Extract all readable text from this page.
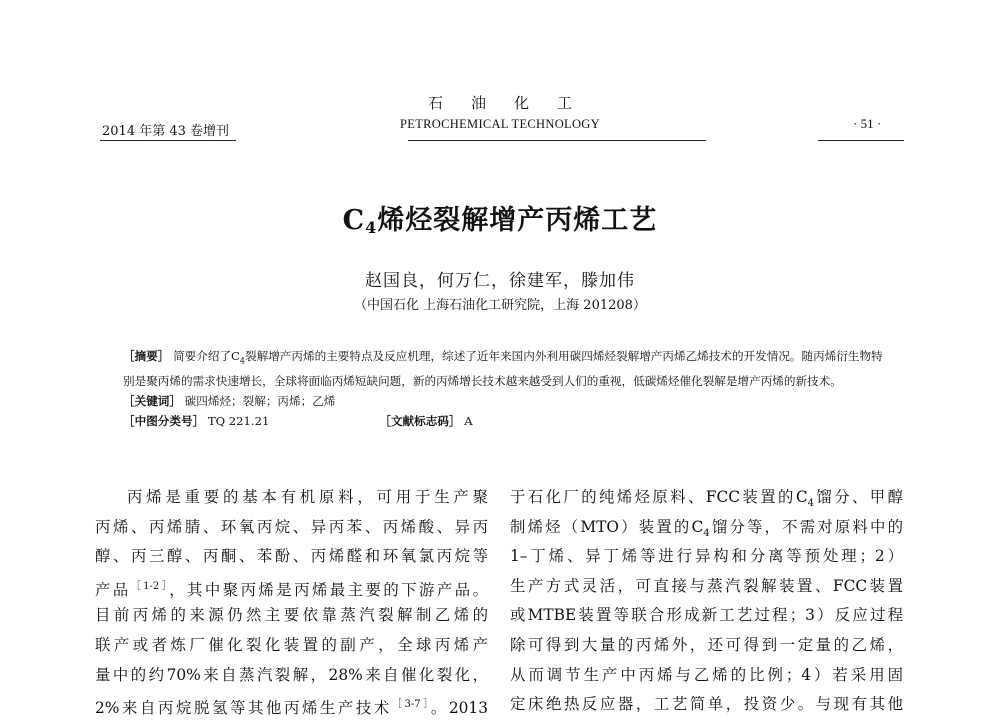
石油化工
PETROCHEMICAL TECHNOLOGY
2014 年第 43 卷增刊
· 51 ·
$C_4$烯烃裂解增产丙烯工艺
赵国良，何万仁，徐建军，滕加伟
（中国石化 上海石油化工研究院，上海 201208）

［摘要］ 简要介绍了$C_4$裂解增产丙烯的主要特点及反应机理，综述了近年来国内外利用碳四烯烃裂解增产丙烯乙烯技术的开发情况。随丙烯衍生物特别是聚丙烯的需求快速增长，全球将面临丙烯短缺问题，新的丙烯增长技术越来越受到人们的重视，低碳烯烃催化裂解是增产丙烯的新技术。

［关键词］ 碳四烯烃；裂解；丙烯；乙烯

［中图分类号］
TQ 221.21	［文献标志码］
A

丙烯是重要的基本有机原料，可用于生产聚
丙烯、丙烯腈、环氧丙烷、异丙苯、丙烯酸、异丙
醇、丙三醇、丙酮、苯酚、丙烯醛和环氧氯丙烷等
产品$^{[1-2]}$，其中聚丙烯是丙烯最主要的下游产品。
目前丙烯的来源仍然主要依靠蒸汽裂解制乙烯的
联产或者炼厂催化裂化装置的副产，全球丙烯产
量中的约70%来自蒸汽裂解，28%来自催化裂化，
2%来自丙烷脱氢等其他丙烯生产技术$^{[3-7]}$。2013
于石化厂的纯烯烃原料、FCC装置的$C_4$馏分、甲醇
制烯烃（MTO）装置的$C_4$馏分等，不需对原料中的
1–丁烯、异丁烯等进行异构和分离等预处理；2）
生产方式灵活，可直接与蒸汽裂解装置、FCC装置
或MTBE装置等联合形成新工艺过程；3）反应过程
除可得到大量的丙烯外，还可得到一定量的乙烯，
从而调节生产中丙烯与乙烯的比例；4）若采用固
定床绝热反应器，工艺简单，投资少。与现有其他
